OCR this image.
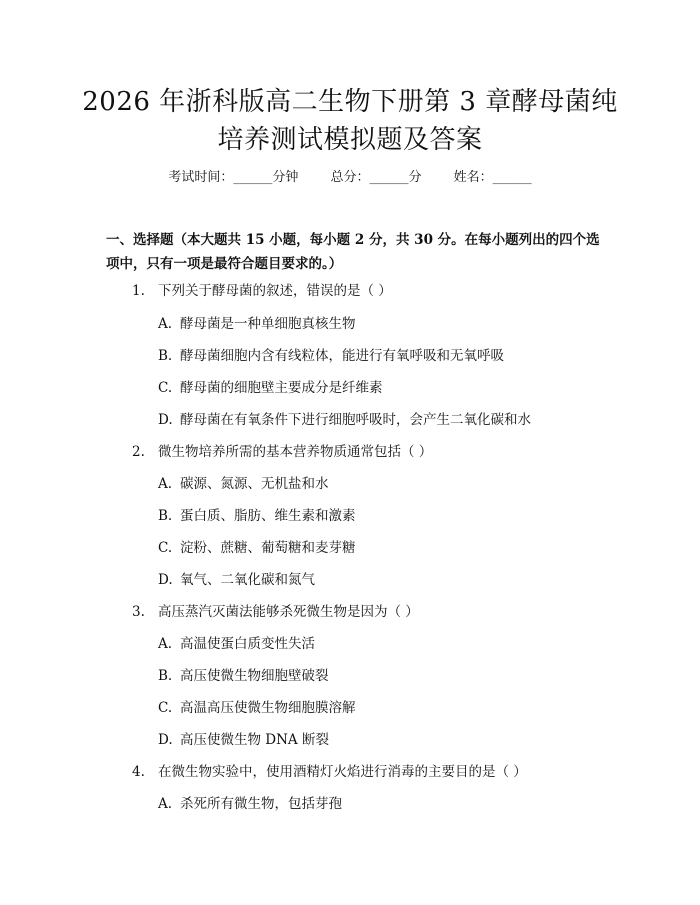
2026 年浙科版高二生物下册第 3 章酵母菌纯
培养测试模拟题及答案
考试时间：______分钟 总分：______分 姓名：______

一、选择题（本大题共 15 小题，每小题 2 分，共 30 分。在每小题列出的四个选
项中，只有一项是最符合题目要求的。）

1. 下列关于酵母菌的叙述，错误的是（ ）
A. 酵母菌是一种单细胞真核生物
B. 酵母菌细胞内含有线粒体，能进行有氧呼吸和无氧呼吸
C. 酵母菌的细胞壁主要成分是纤维素
D. 酵母菌在有氧条件下进行细胞呼吸时，会产生二氧化碳和水
2. 微生物培养所需的基本营养物质通常包括（ ）
A. 碳源、氮源、无机盐和水
B. 蛋白质、脂肪、维生素和激素
C. 淀粉、蔗糖、葡萄糖和麦芽糖
D. 氧气、二氧化碳和氮气
3. 高压蒸汽灭菌法能够杀死微生物是因为（ ）
A. 高温使蛋白质变性失活
B. 高压使微生物细胞壁破裂
C. 高温高压使微生物细胞膜溶解
D. 高压使微生物 DNA 断裂
4. 在微生物实验中，使用酒精灯火焰进行消毒的主要目的是（ ）
A. 杀死所有微生物，包括芽孢
